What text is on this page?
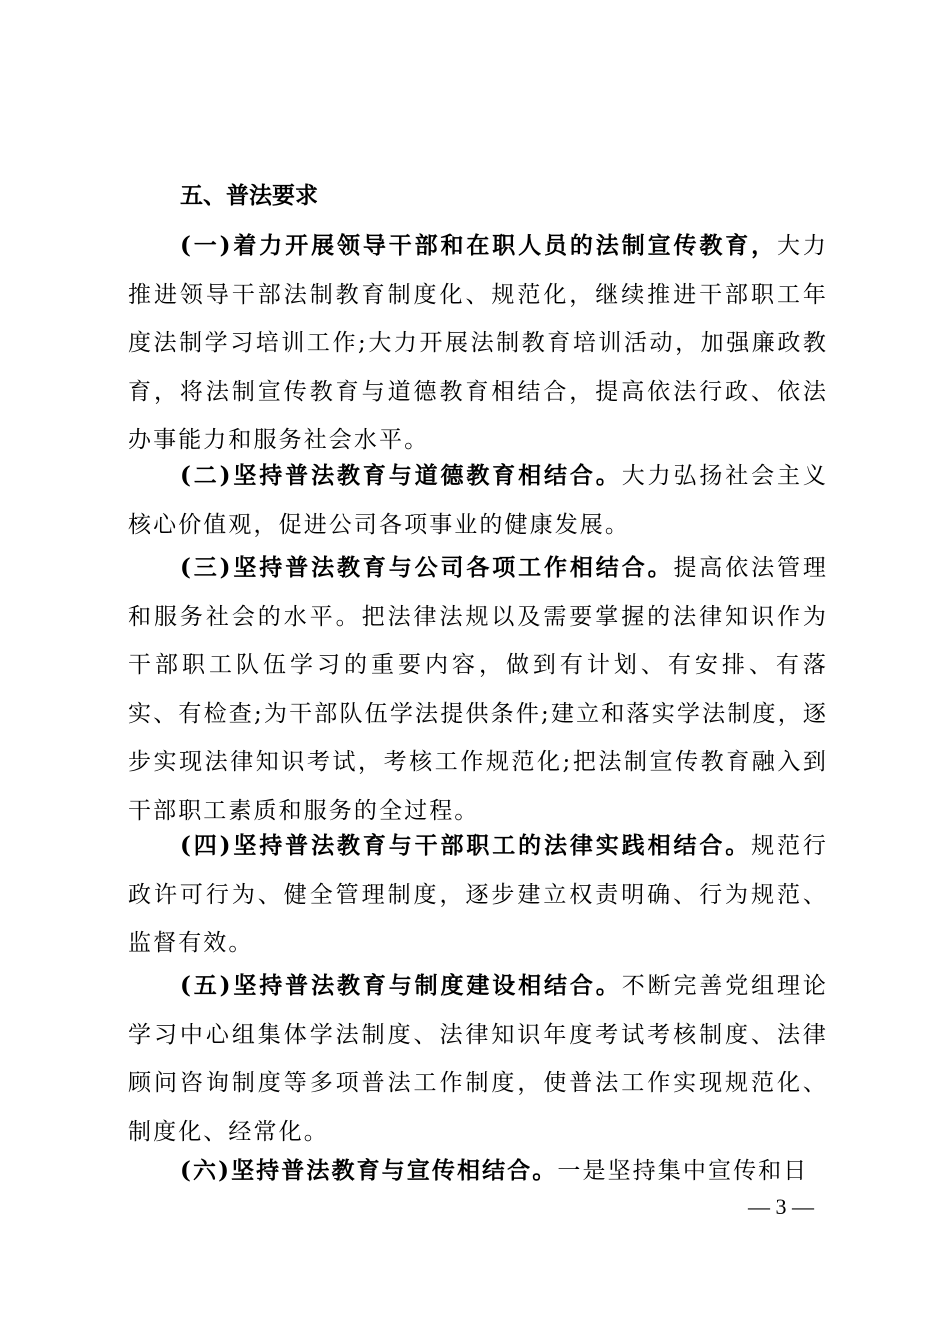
五、普法要求

(一)着力开展领导干部和在职人员的法制宣传教育，大力推进领导干部法制教育制度化、规范化，继续推进干部职工年度法制学习培训工作;大力开展法制教育培训活动，加强廉政教育，将法制宣传教育与道德教育相结合，提高依法行政、依法办事能力和服务社会水平。

(二)坚持普法教育与道德教育相结合。大力弘扬社会主义核心价值观，促进公司各项事业的健康发展。

(三)坚持普法教育与公司各项工作相结合。提高依法管理和服务社会的水平。把法律法规以及需要掌握的法律知识作为干部职工队伍学习的重要内容，做到有计划、有安排、有落实、有检查;为干部队伍学法提供条件;建立和落实学法制度，逐步实现法律知识考试，考核工作规范化;把法制宣传教育融入到干部职工素质和服务的全过程。

(四)坚持普法教育与干部职工的法律实践相结合。规范行政许可行为、健全管理制度，逐步建立权责明确、行为规范、监督有效。

(五)坚持普法教育与制度建设相结合。不断完善党组理论学习中心组集体学法制度、法律知识年度考试考核制度、法律顾问咨询制度等多项普法工作制度，使普法工作实现规范化、制度化、经常化。

(六)坚持普法教育与宣传相结合。一是坚持集中宣传和日

— 3 —
